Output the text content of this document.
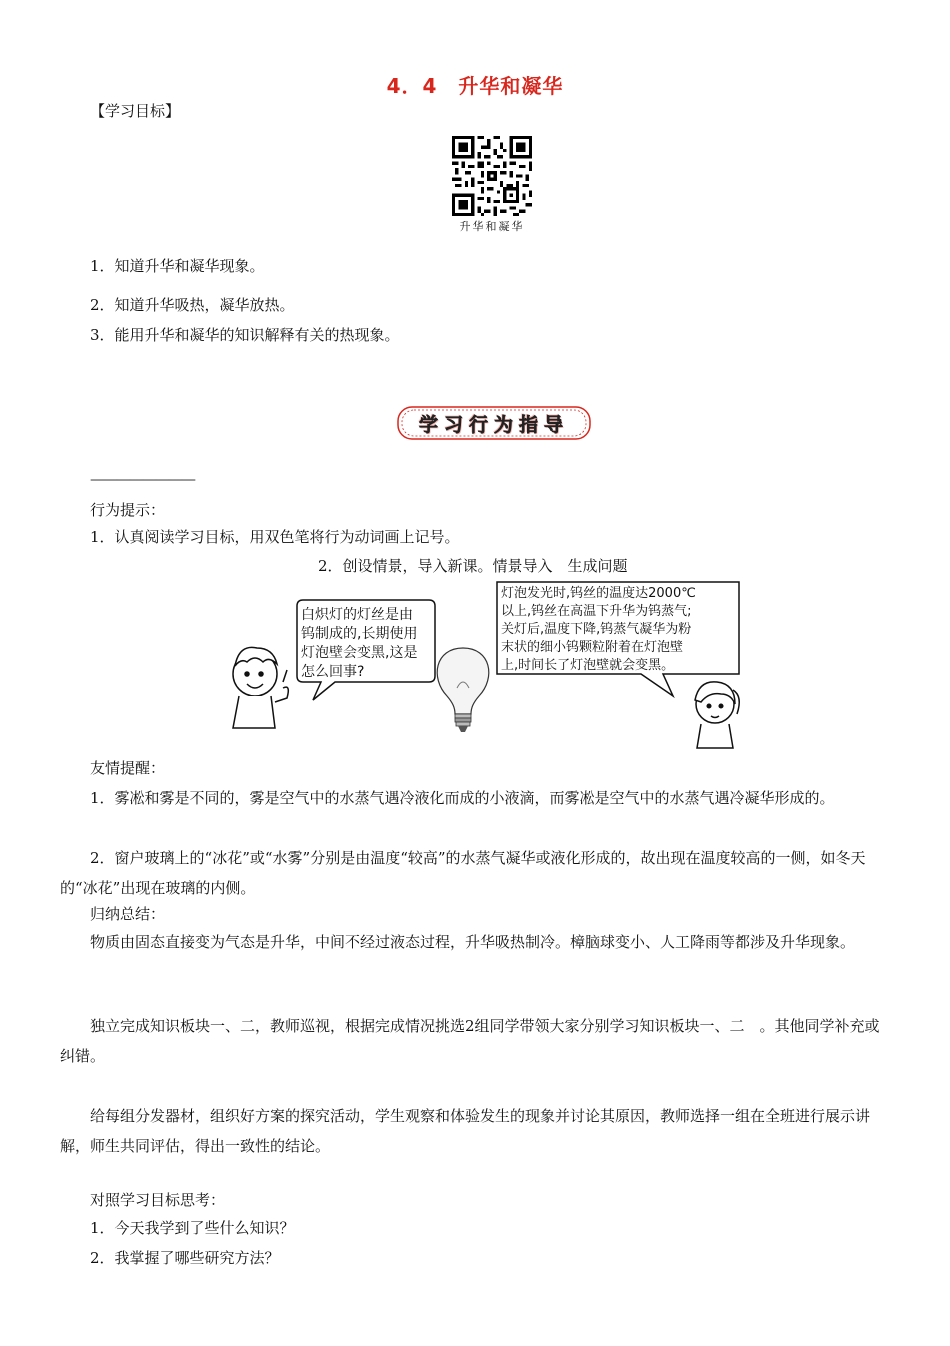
4．4　升华和凝华
【学习目标】
升华和凝华
1．知道升华和凝华现象。
2．知道升华吸热，凝华放热。
3．能用升华和凝华的知识解释有关的热现象。
学习行为指导
————————
行为提示：
1．认真阅读学习目标，用双色笔将行为动词画上记号。
2．创设情景，导入新课。情景导入　生成问题
白炽灯的灯丝是由
钨制成的,长期使用
灯泡壁会变黑,这是
怎么回事?
灯泡发光时,钨丝的温度达2000℃
以上,钨丝在高温下升华为钨蒸气;
关灯后,温度下降,钨蒸气凝华为粉
末状的细小钨颗粒附着在灯泡壁
上,时间长了灯泡壁就会变黑。
友情提醒：
1．雾凇和雾是不同的，雾是空气中的水蒸气遇冷液化而成的小液滴，而雾凇是空气中的水蒸气遇冷凝华形成的。
2．窗户玻璃上的“冰花”或“水雾”分别是由温度“较高”的水蒸气凝华或液化形成的，故出现在温度较高的一侧，如冬天的“冰花”出现在玻璃的内侧。
归纳总结：
物质由固态直接变为气态是升华，中间不经过液态过程，升华吸热制冷。樟脑球变小、人工降雨等都涉及升华现象。
独立完成知识板块一、二，教师巡视，根据完成情况挑选2组同学带领大家分别学习知识板块一、二　。其他同学补充或纠错。
给每组分发器材，组织好方案的探究活动，学生观察和体验发生的现象并讨论其原因，教师选择一组在全班进行展示讲解，师生共同评估，得出一致性的结论。
对照学习目标思考：
1．今天我学到了些什么知识？
2．我掌握了哪些研究方法？
